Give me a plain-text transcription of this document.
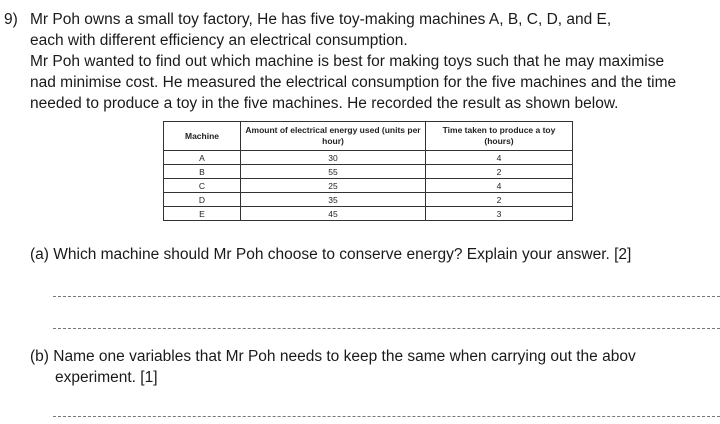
9) Mr Poh owns a small toy factory, He has five toy-making machines A, B, C, D, and E,
each with different efficiency an electrical consumption.
Mr Poh wanted to find out which machine is best for making toys such that he may maximise
nad minimise cost. He measured the electrical consumption for the five machines and the time
needed to produce a toy in the five machines. He recorded the result as shown below.
Machine	Amount of electrical energy used (units per hour)	Time taken to produce a toy (hours)
A	30	4
B	55	2
C	25	4
D	35	2
E	45	3
(a) Which machine should Mr Poh choose to conserve energy? Explain your answer. [2]
(b) Name one variables that Mr Poh needs to keep the same when carrying out the abov
experiment. [1]
